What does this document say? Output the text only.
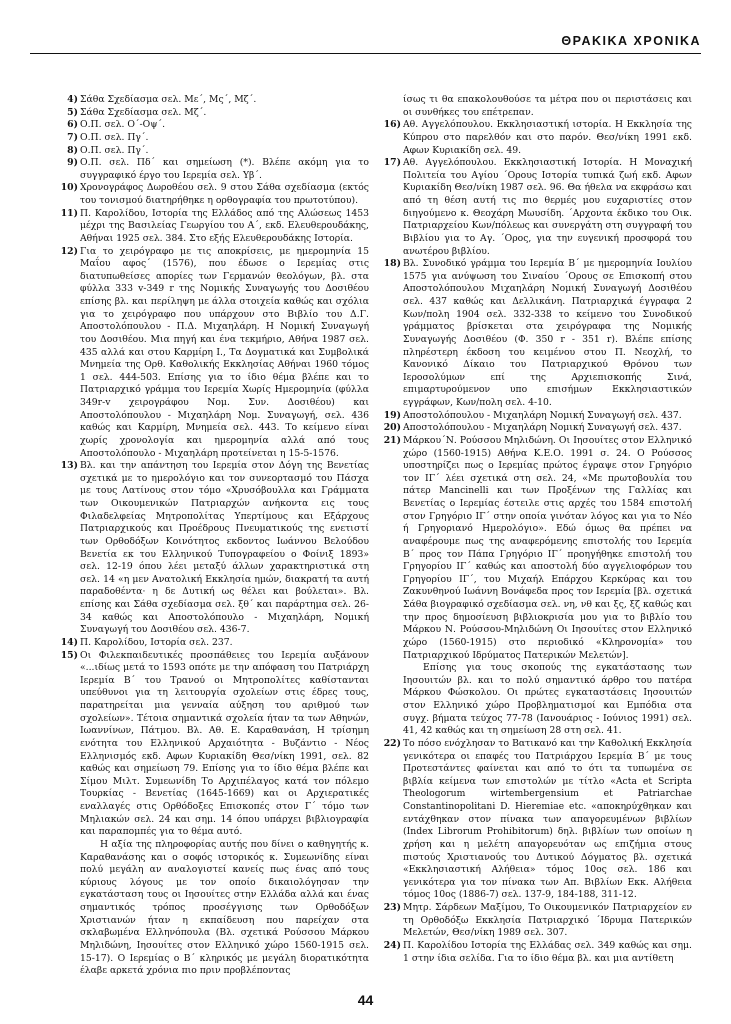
ΘΡΑΚΙΚΑ ΧΡΟΝΙΚΑ

4) Σάθα Σχεδίασμα σελ. Με΄, Μς΄, Μζ΄.

5) Σάθα Σχεδίασμα σελ. Μζ΄.

6) Ο.Π. σελ. Ο΄-Οψ΄.

7) Ο.Π. σελ. Πγ΄.

8) Ο.Π. σελ. Πγ΄.

9) Ο.Π. σελ. Πδ΄ και σημείωση (*). Βλέπε ακόμη για το συγγραφικό έργο του Ιερεμία σελ. Υβ΄.

10) Χρονογράφος Δωροθέου σελ. 9 στου Σάθα σχεδίασμα (εκτός του τονισμού διατηρήθηκε η ορθογραφία του πρωτοτύπου).

11) Π. Καρολίδου, Ιστορία της Ελλάδος από της Αλώσεως 1453 μέχρι της Βασιλείας Γεωργίου του Α΄, εκδ. Ελευθερουδάκης, Αθήναι 1925 σελ. 384. Στο εξής Ελευθερουδάκης Ιστορία.

12) Για το χειρόγραφο με τις αποκρίσεις, με ημερομηνία 15 Μαΐου αφος΄ (1576), που έδωσε ο Ιερεμίας στις διατυπωθείσες απορίες των Γερμανών θεολόγων, βλ. στα φύλλα 333 v-349 r της Νομικής Συναγωγής του Δοσιθέου επίσης βλ. και περίληψη με άλλα στοιχεία καθώς και σχόλια για το χειρόγραφο που υπάρχουν στο Βιβλίο του Δ.Γ. Αποστολόπουλου - Π.Δ. Μιχαηλάρη. Η Νομική Συναγωγή του Δοσιθέου. Μια πηγή και ένα τεκμήριο, Αθήνα 1987 σελ. 435 αλλά και στου Καρμίρη Ι., Τα Δογματικά και Συμβολικά Μνημεία της Ορθ. Καθολικής Εκκλησίας Αθήναι 1960 τόμος 1 σελ. 444-503. Επίσης για το ίδιο θέμα βλέπε και το Πατριαρχικό γράμμα του Ιερεμία Χωρίς Ημερομηνία (φύλλα 349r-v χειρογράφου Νομ. Συν. Δοσιθέου) και Αποστολόπουλου - Μιχαηλάρη Νομ. Συναγωγή, σελ. 436 καθώς και Καρμίρη, Μνημεία σελ. 443. Το κείμενο είναι χωρίς χρονολογία και ημερομηνία αλλά από τους Αποστολόπουλο - Μιχαηλάρη προτείνεται η 15-5-1576.

13) Βλ. και την απάντηση του Ιερεμία στον Δόγη της Βενετίας σχετικά με το ημερολόγιο και τον συνεορτασμό του Πάσχα με τους Λατίνους στον τόμο «Χρυσόβουλλα και Γράμματα των Οικουμενικών Πατριαρχών ανήκοντα εις τους Φιλαδελφείας Μητροπολίτας Υπερτίμους και Εξάρχους Πατριαρχικούς και Προέδρους Πνευματικούς της ενετιστί των Ορθοδόξων Κοινότητος εκδοντος Ιωάννου Βελούδου Βενετία εκ του Ελληνικού Τυπογραφείου ο Φοίνιξ 1893» σελ. 12-19 όπου λέει μεταξύ άλλων χαρακτηριστικά στη σελ. 14 «η μεν Ανατολική Εκκλησία ημών, διακρατή τα αυτή παραδοθέντα· η δε Δυτική ως θέλει και βούλεται». Βλ. επίσης και Σάθα σχεδίασμα σελ. ξθ΄ και παράρτημα σελ. 26-34 καθώς και Αποστολόπουλο - Μιχαηλάρη, Νομική Συναγωγή του Δοσιθέου σελ. 436-7.

14) Π. Καρολίδου, Ιστορία σελ. 237.

15) Οι Φιλεκπαιδευτικές προσπάθειες του Ιερεμία αυξάνουν «...ιδίως μετά το 1593 οπότε με την απόφαση του Πατριάρχη Ιερεμία Β΄ του Τρανού οι Μητροπολίτες καθίστανται υπεύθυνοι για τη λειτουργία σχολείων στις έδρες τους, παρατηρείται μια γενναία αύξηση του αριθμού των σχολείων». Τέτοια σημαντικά σχολεία ήταν τα των Αθηνών, Ιωαννίνων, Πάτμου. Βλ. Αθ. Ε. Καραθανάση, Η τρίσημη ενότητα του Ελληνικού Αρχαιότητα - Βυζάντιο - Νέος Ελληνισμός εκδ. Αφων Κυριακίδη Θεσ/νίκη 1991, σελ. 82 καθώς και σημείωση 79. Επίσης για το ίδιο θέμα βλέπε και Σίμου Μιλτ. Συμεωνίδη Το Αρχιπέλαγος κατά τον πόλεμο Τουρκίας - Βενετίας (1645-1669) και οι Αρχιερατικές εναλλαγές στις Ορθόδοξες Επισκοπές στον Γ΄ τόμο των Μηλιακών σελ. 24 και σημ. 14 όπου υπάρχει βιβλιογραφία και παραπομπές για το θέμα αυτό.

Η αξία της πληροφορίας αυτής που δίνει ο καθηγητής κ. Καραθανάσης και ο σοφός ιστορικός κ. Συμεωνίδης είναι πολύ μεγάλη αν αναλογιστεί κανείς πως ένας από τους κύριους λόγους με τον οποίο δικαιολόγησαν την εγκατάσταση τους οι Ιησουίτες στην Ελλάδα αλλά και ένας σημαντικός τρόπος προσέγγισης των Ορθοδόξων Χριστιανών ήταν η εκπαίδευση που παρείχαν στα σκλαβωμένα Ελληνόπουλα (Βλ. σχετικά Ρούσσου Μάρκου Μηλιδώνη, Ιησουίτες στον Ελληνικό χώρο 1560-1915 σελ. 15-17). Ο Ιερεμίας ο Β΄ κληρικός με μεγάλη διορατικότητα έλαβε αρκετά χρόνια πιο πριν προβλέποντας

ίσως τι θα επακολουθούσε τα μέτρα που οι περιστάσεις και οι συνθήκες του επέτρεπαν.

16) Αθ. Αγγελόπουλου. Εκκλησιαστική ιστορία. Η Εκκλησία της Κύπρου στο παρελθόν και στο παρόν. Θεσ/νίκη 1991 εκδ. Αφων Κυριακίδη σελ. 49.

17) Αθ. Αγγελόπουλου. Εκκλησιαστική Ιστορία. Η Μοναχική Πολιτεία του Αγίου ΄Ορους Ιστορία τυπικά ζωή εκδ. Αφων Κυριακίδη Θεσ/νίκη 1987 σελ. 96. Θα ήθελα να εκφράσω και από τη θέση αυτή τις πιο θερμές μου ευχαριστίες στον διηγούμενο κ. Θεοχάρη Μωυσίδη. ΄Αρχοντα έκδικο του Οικ. Πατριαρχείου Κων/πόλεως και συνεργάτη στη συγγραφή του Βιβλίου για το Αγ. ΄Ορος, για την ευγενική προσφορά του ανωτέρου βιβλίου.

18) Βλ. Συνοδικό γράμμα του Ιερεμία Β΄ με ημερομηνία Ιουλίου 1575 για ανύψωση του Σιναίου ΄Ορους σε Επισκοπή στου Αποστολόπουλου Μιχαηλάρη Νομική Συναγωγή Δοσιθέου σελ. 437 καθώς και Δελλικάνη. Πατριαρχικά έγγραφα 2 Κων/πολη 1904 σελ. 332-338 το κείμενο του Συνοδικού γράμματος βρίσκεται στα χειρόγραφα της Νομικής Συναγωγής Δοσιθέου (Φ. 350 r - 351 r). Βλέπε επίσης πληρέστερη έκδοση του κειμένου στου Π. Νεοχλή, το Κανονικό Δίκαιο του Πατριαρχικού Θρόνου των Ιεροσολύμων επί της Αρχιεπισκοπής Σινά, επιμαρτυρούμενον υπο επισήμων Εκκλησιαστικών εγγράφων, Κων/πολη σελ. 4-10.

19) Αποστολόπουλου - Μιχαηλάρη Νομική Συναγωγή σελ. 437.

20) Αποστολόπουλου - Μιχαηλάρη Νομική Συναγωγή σελ. 437.

21) Μάρκου΄Ν. Ρούσσου Μηλιδώνη. Οι Ιησουίτες στον Ελληνικό χώρο (1560-1915) Αθήνα Κ.Ε.Ο. 1991 σ. 24. Ο Ρούσσος υποστηρίζει πως ο Ιερεμίας πρώτος έγραψε στον Γρηγόριο τον ΙΓ΄ λέει σχετικά στη σελ. 24, «Με πρωτοβουλία του πάτερ Mancinelli και των Προξένων της Γαλλίας και Βενετίας ο Ιερεμίας έστειλε στις αρχές του 1584 επιστολή στον Γρηγόριο ΙΓ΄ στην οποία γινόταν λόγος και για το Νέο ή Γρηγοριανό Ημερολόγιο». Εδώ όμως θα πρέπει να αναφέρουμε πως της αναφερόμενης επιστολής του Ιερεμία Β΄ προς τον Πάπα Γρηγόριο ΙΓ΄ προηγήθηκε επιστολή του Γρηγορίου ΙΓ΄ καθώς και αποστολή δύο αγγελιοφόρων του Γρηγορίου ΙΓ΄, του Μιχαήλ Επάρχου Κερκύρας και του Ζακυνθηνού Ιωάννη Βονάφεδα προς τον Ιερεμία [βλ. σχετικά Σάθα βιογραφικό σχεδίασμα σελ. νη, νθ και ξς, ξζ καθώς και την προς δημοσίευση βιβλιοκρισία μου για το βιβλίο του Μάρκου Ν. Ρούσσου-Μηλιδώνη Οι Ιησουίτες στον Ελληνικό χώρο (1560-1915) στο περιοδικό «Κληρονομία» του Πατριαρχικού Ιδρύματος Πατερικών Μελετών].

Επίσης για τους σκοπούς της εγκατάστασης των Ιησουιτών βλ. και το πολύ σημαντικό άρθρο του πατέρα Μάρκου Φώσκολου. Οι πρώτες εγκαταστάσεις Ιησουιτών στον Ελληνικό χώρο Προβληματισμοί και Εμπόδια στα συγχ. βήματα τεύχος 77-78 (Ιανουάριος - Ιούνιος 1991) σελ. 41, 42 καθώς και τη σημείωση 28 στη σελ. 41.

22) Το πόσο ενόχλησαν το Βατικανό και την Καθολική Εκκλησία γενικότερα οι επαφές του Πατριάρχου Ιερεμία Β΄ με τους Προτεστάντες φαίνεται και από το ότι τα τυπωμένα σε βιβλία κείμενα των επιστολών με τίτλο «Acta et Scripta Theologorum wirtembergensium et Patriarchae Constantinopolitani D. Hieremiae etc. «αποκηρύχθηκαν και εντάχθηκαν στον πίνακα των απαγορευμένων βιβλίων (Index Librorum Prohibitorum) δηλ. βιβλίων των οποίων η χρήση και η μελέτη απαγορευόταν ως επιζήμια στους πιστούς Χριστιανούς του Δυτικού Δόγματος βλ. σχετικά «Εκκλησιαστική Αλήθεια» τόμος 10ος σελ. 186 και γενικότερα για τον πίνακα των Απ. Βιβλίων Εκκ. Αλήθεια τόμος 10ος (1886-7) σελ. 137-9, 184-188, 311-12.

23) Μητρ. Σάρδεων Μαξίμου, Το Οικουμενικόν Πατριαρχείον εν τη Ορθοδόξω Εκκλησία Πατριαρχικό ΄Ιδρυμα Πατερικών Μελετών, Θεσ/νίκη 1989 σελ. 307.

24) Π. Καρολίδου Ιστορία της Ελλάδας σελ. 349 καθώς και σημ. 1 στην ίδια σελίδα. Για το ίδιο θέμα βλ. και μια αντίθετη

44
